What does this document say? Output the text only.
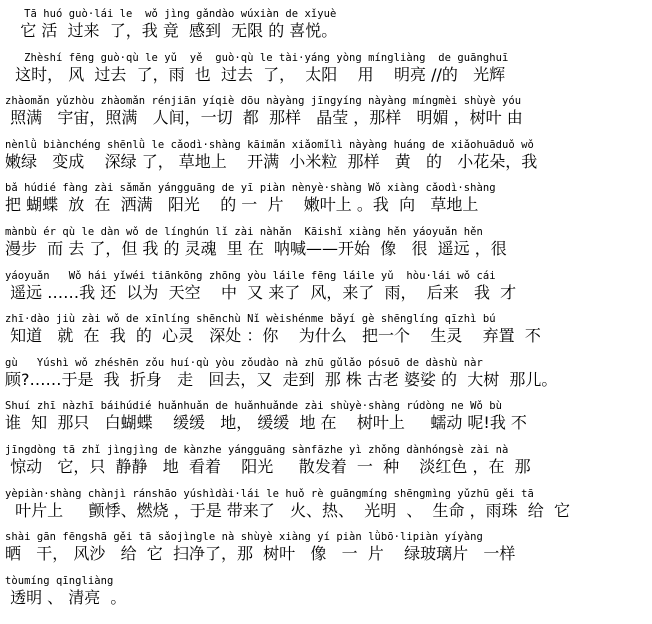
Tā huó guò·lái le  wǒ jìng gǎndào wúxiàn de xǐyuè
它 活  过来  了，我 竟  感到  无限 的 喜悦。
Zhèshí fēng guò·qù le yǔ  yě  guò·qù le tài·yáng yòng míngliàng  de guānghuī
这时， 风  过去  了，雨  也  过去  了，  太阳    用    明亮 //的   光辉
zhàomǎn yǔzhòu zhàomǎn rénjiān yíqiè dōu nàyàng jīngyíng nàyàng míngmèi shùyè yóu
照满   宇宙，照满   人间，一切  都  那样   晶莹 ，那样   明媚 ，树叶 由
nènlǜ biànchéng shēnlǜ le cǎodì·shàng kāimǎn xiǎomǐlì nàyàng huáng de xiǎohuāduǒ wǒ
嫩绿   变成    深绿 了， 草地上    开满  小米粒  那样   黄   的   小花朵，我
bǎ húdié fàng zài sǎmǎn yángguāng de yī piàn nènyè·shàng Wǒ xiàng cǎodì·shàng
把 蝴蝶  放  在  洒满   阳光    的 一  片    嫩叶上 。我  向   草地上
mànbù ér qù le dàn wǒ de línghún lǐ zài nàhǎn  Kāishǐ xiàng hěn yáoyuǎn hěn
漫步  而 去 了，但 我 的 灵魂  里 在  呐喊——开始  像   很  遥远 ，很
yáoyuǎn   Wǒ hái yǐwéi tiānkōng zhōng yòu láile fēng láile yǔ  hòu·lái wǒ cái
遥远 ……我 还  以为  天空    中  又 来了  风，来了  雨，  后来   我  才
zhī·dào jiù zài wǒ de xīnlíng shēnchù Nǐ wèishénme bǎyí gè shēnglíng qīzhì bú
知道   就  在  我  的  心灵   深处 ：你    为什么   把一个    生灵    弃置  不
gù   Yúshì wǒ zhéshēn zǒu huí·qù yòu zǒudào nà zhū gǔlǎo pósuō de dàshù nàr
顾?……于是  我  折身   走   回去，又  走到  那 株 古老 婆娑 的  大树  那儿。
Shuí zhī nàzhī báihúdié huǎnhuǎn de huǎnhuǎnde zài shùyè·shàng rúdòng ne Wǒ bù
谁  知  那只   白蝴蝶    缓缓   地， 缓缓  地 在    树叶上     蠕动 呢!我 不
jīngdòng tā zhǐ jìngjìng de kànzhe yángguāng sànfāzhe yì zhǒng dànhóngsè zài nà
惊动   它，只  静静   地  看着    阳光     散发着  一  种    淡红色 ，在  那
yèpiàn·shàng chànjì ránshāo yúshìdài·lái le huǒ rè guāngmíng shēngmìng yǔzhū gěi tā
叶片上     颤悸、燃烧 ，于是 带来了   火、热、  光明  、  生命 ，雨珠  给  它
shài gān fēngshā gěi tā sǎojìngle nà shùyè xiàng yí piàn lǜbō·lipiàn yíyàng
晒   干， 风沙   给  它  扫净了，那  树叶   像   一  片    绿玻璃片   一样
tòumíng qīngliàng
透明 、 清亮  。
